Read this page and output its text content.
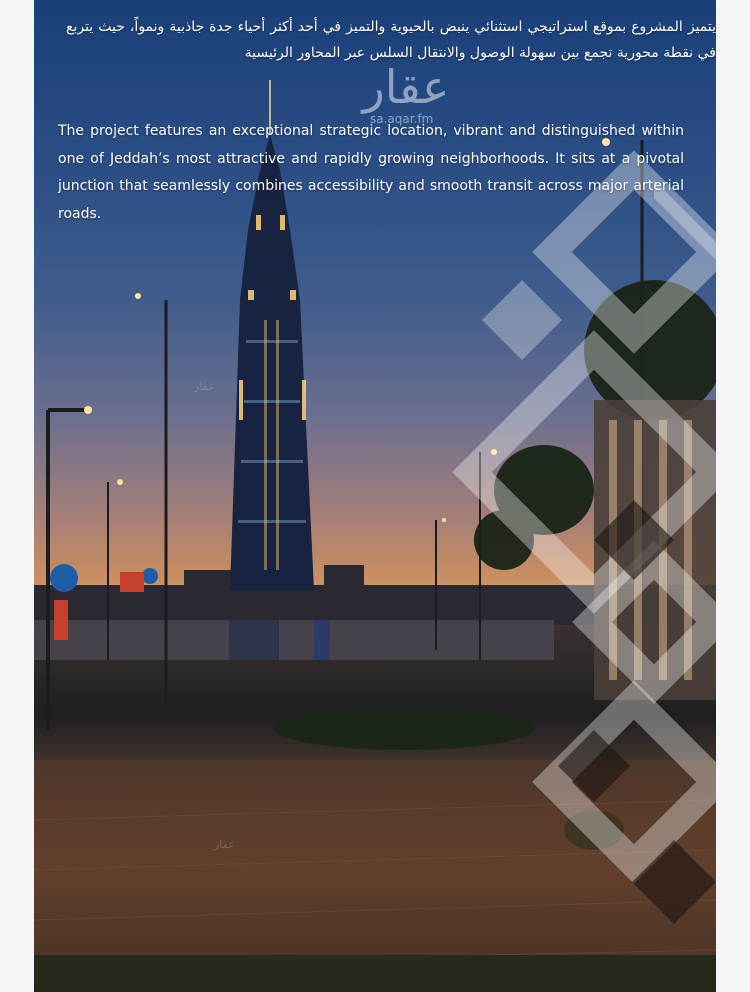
عقار
عقار
عقار
sa.aqar.fm
يتميز المشروع بموقع استراتيجي استثنائي ينبض بالحيوية والتميز في أحد أكثر أحياء جدة جاذبية ونمواً، حيث يتربع في نقطة محورية تجمع بين سهولة الوصول والانتقال السلس عبر المحاور الرئيسية
The project features an exceptional strategic location, vibrant and distinguished within one of Jeddah’s most attractive and rapidly growing neighborhoods. It sits at a pivotal junction that seamlessly combines accessibility and smooth transit across major arterial roads.
